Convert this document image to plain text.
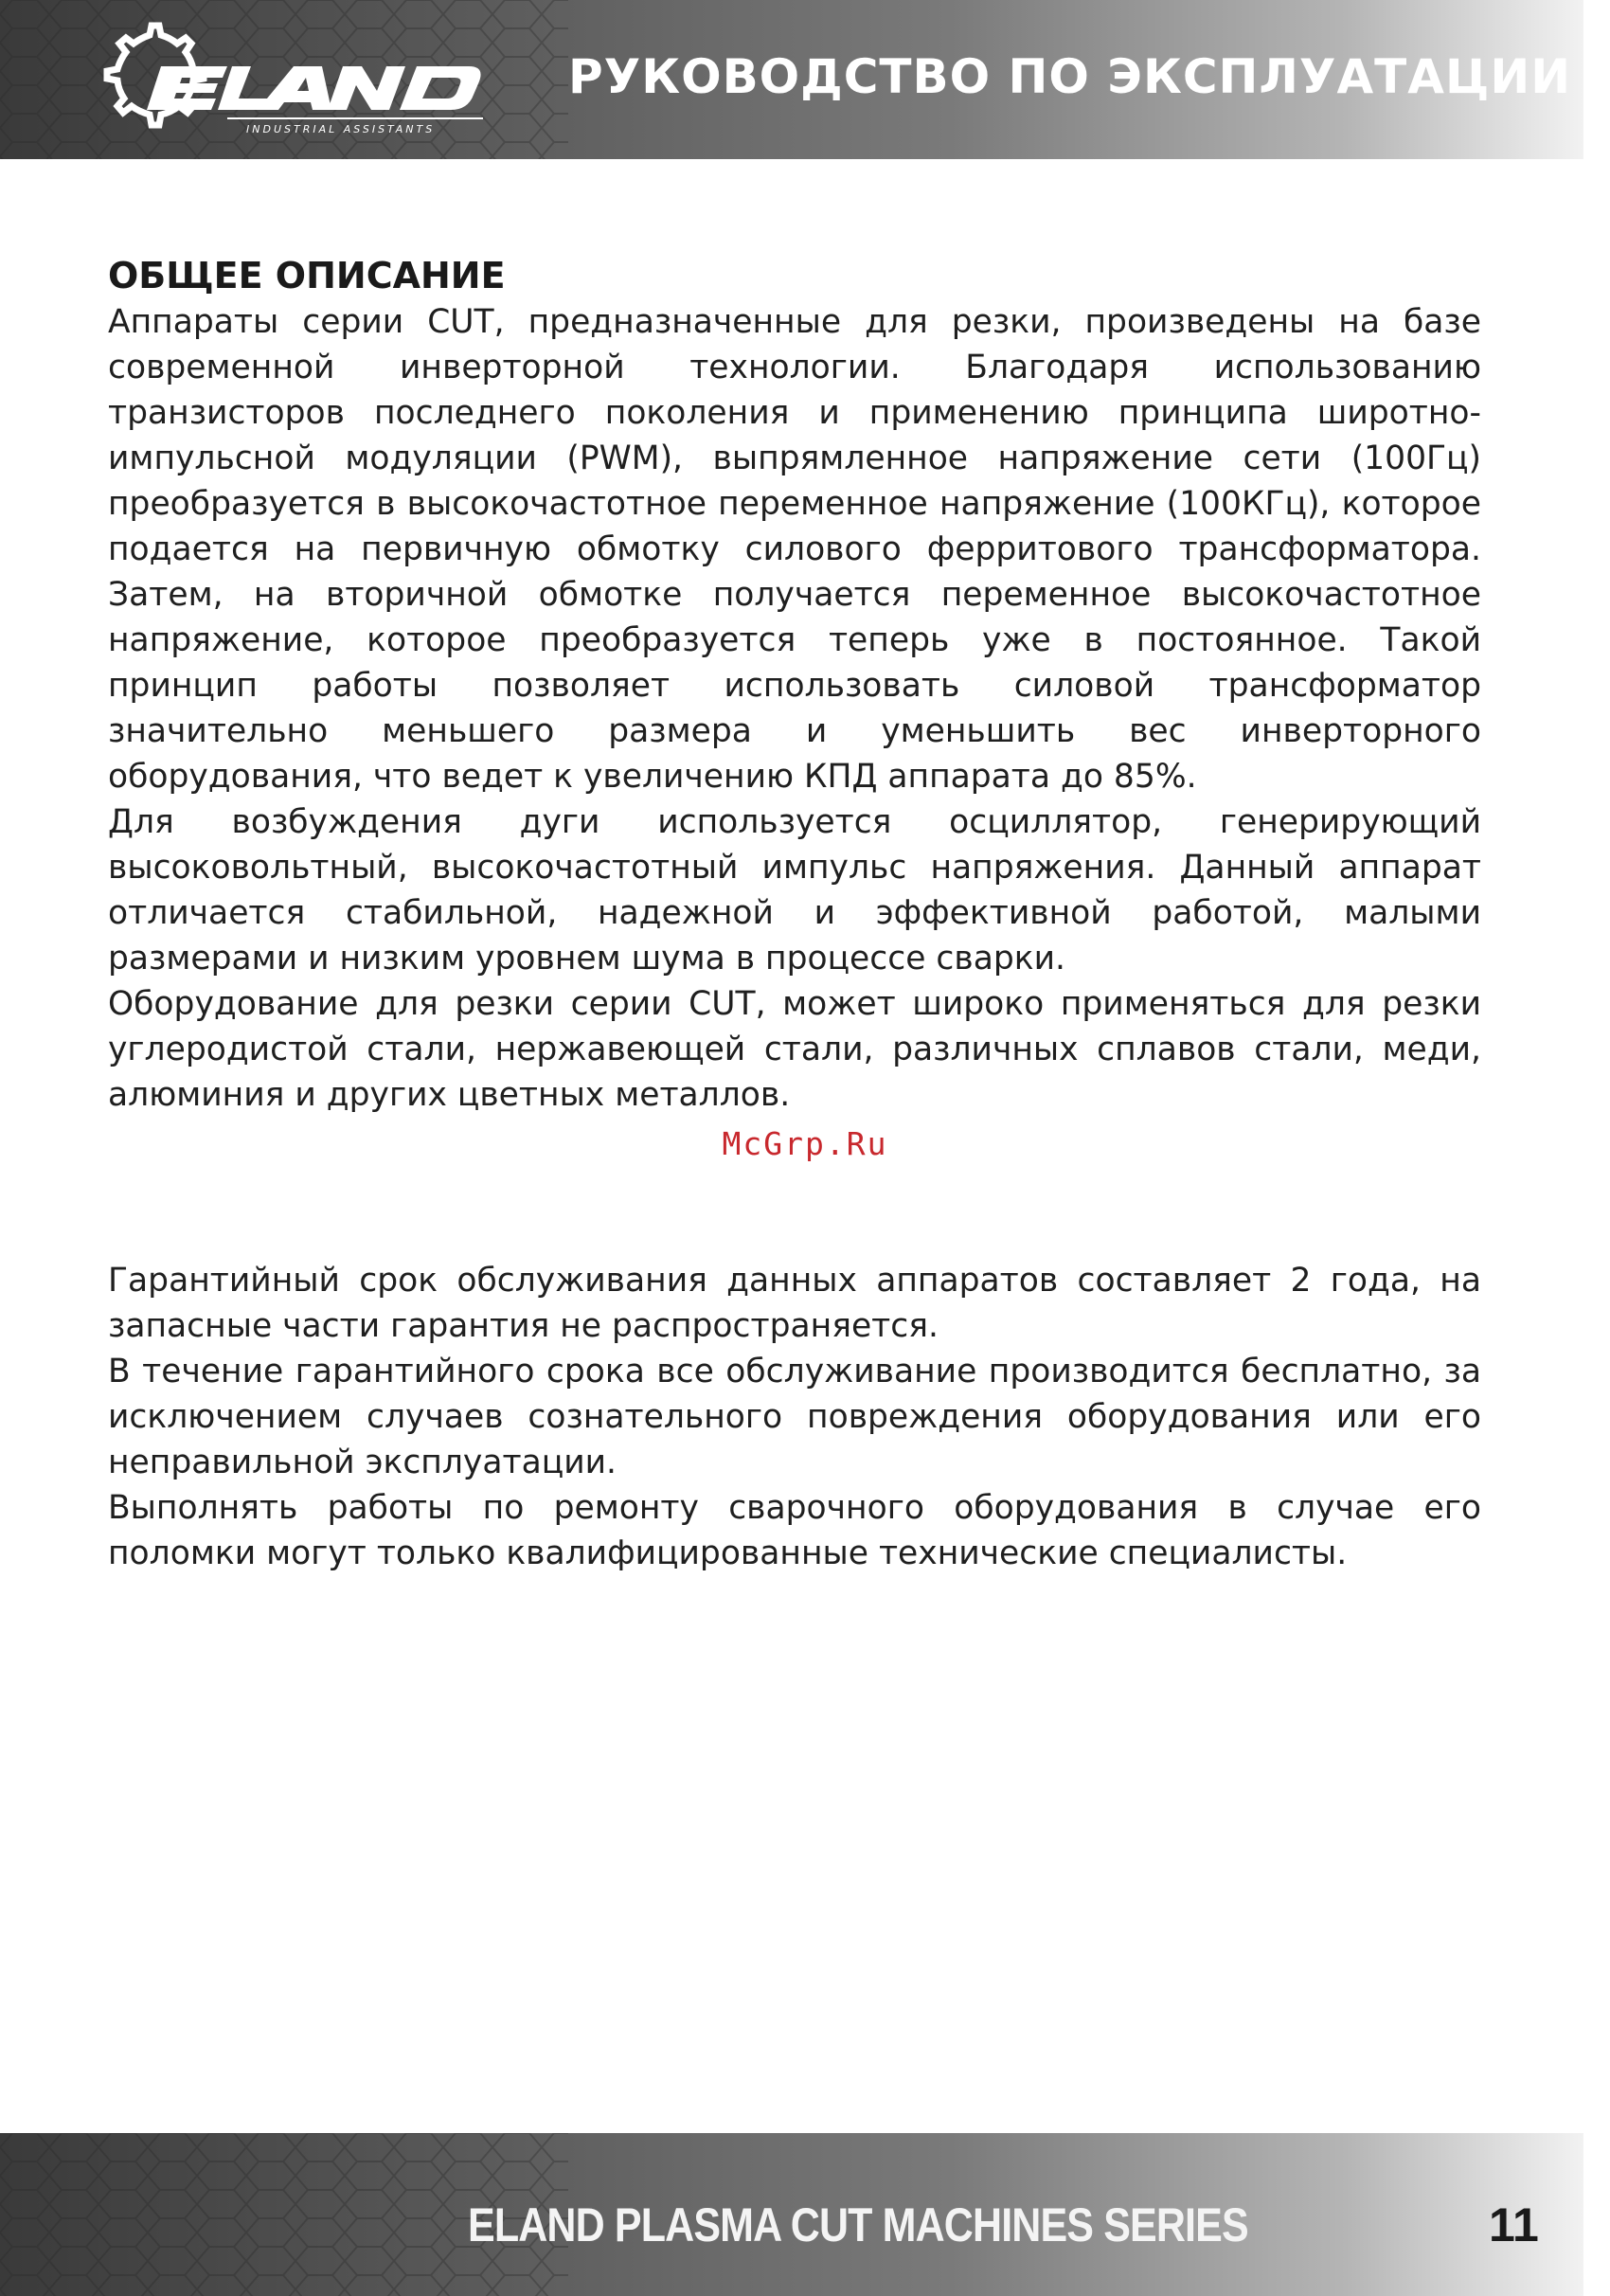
INDUSTRIAL ASSISTANTS
РУКОВОДСТВО ПО ЭКСПЛУАТАЦИИ
ОБЩЕЕ ОПИСАНИЕ

Аппараты серии CUT, предназначенные для резки, произведены на базе современной инверторной технологии. Благодаря использованию транзисторов последнего поколения и применению принципа широтно-импульсной модуляции (PWM), выпрямленное напряжение сети (100Гц) преобразуется в высокочастотное переменное напряжение (100КГц), которое подается на первичную обмотку силового ферритового трансформатора. Затем, на вторичной обмотке получается переменное высокочастотное напряжение, которое преобразуется теперь уже в постоянное. Такой принцип работы позволяет использовать силовой трансформатор значительно меньшего размера и уменьшить вес инверторного оборудования, что ведет к увеличению КПД аппарата до 85%.

Для возбуждения дуги используется осциллятор, генерирующий высоковольтный, высокочастотный импульс напряжения. Данный аппарат отличается стабильной, надежной и эффективной работой, малыми размерами и низким уровнем шума в процессе сварки.

Оборудование для резки серии CUT, может широко применяться для резки углеродистой стали, нержавеющей стали, различных сплавов стали, меди, алюминия и других цветных металлов.

McGrp.Ru

Гарантийный срок обслуживания данных аппаратов составляет 2 года, на запасные части гарантия не распространяется.

В течение гарантийного срока все обслуживание производится бесплатно, за исключением случаев сознательного повреждения оборудования или его неправильной эксплуатации.

Выполнять работы по ремонту сварочного оборудования в случае его поломки могут только квалифицированные технические специалисты.

ELAND PLASMA CUT MACHINES SERIES	11
